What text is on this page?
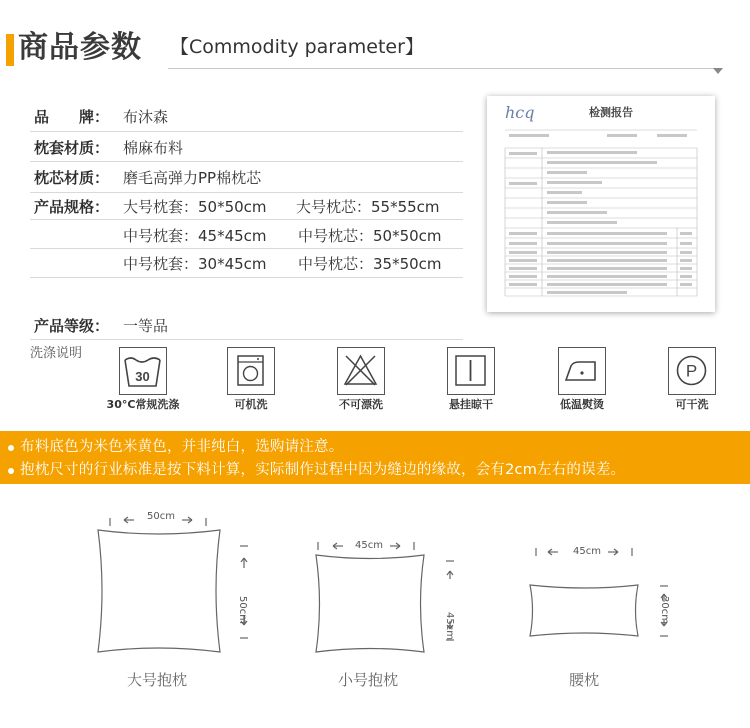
商品参数 【Commodity parameter】
品　　牌： 布沐森
枕套材质： 棉麻布料
枕芯材质： 磨毛高弹力PP棉枕芯
产品规格： 大号枕套：50*50cm 大号枕芯：55*55cm
中号枕套：45*45cm 中号枕芯：50*50cm
中号枕套：30*45cm 中号枕芯：35*50cm
产品等级： 一等品
hcq	检测报告
洗涤说明
30
30°C常规洗涤	可机洗	不可漂洗	悬挂晾干	低温熨烫
P
可干洗
布料底色为米色米黄色，并非纯白，选购请注意。
抱枕尺寸的行业标准是按下料计算，实际制作过程中因为缝边的缘故，会有2cm左右的误差。
50cm
50cm
45cm
45cm
45cm
30cm
大号抱枕	小号抱枕	腰枕
